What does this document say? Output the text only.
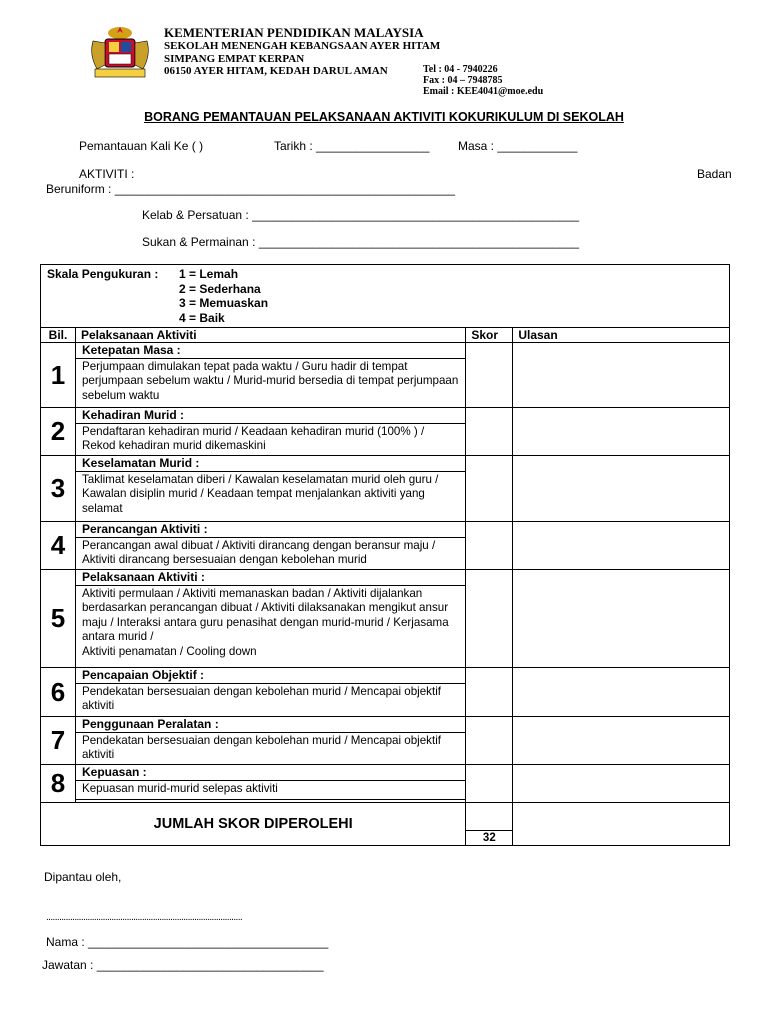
KEMENTERIAN PENDIDIKAN MALAYSIA
SEKOLAH MENENGAH KEBANGSAAN AYER HITAM
SIMPANG EMPAT KERPAN
06150 AYER HITAM, KEDAH DARUL AMAN	Tel : 04 - 7940226
Fax : 04 – 7948785
Email : KEE4041@moe.edu
BORANG PEMANTAUAN PELAKSANAAN AKTIVITI KOKURIKULUM DI SEKOLAH
Pemantauan Kali Ke ( )	Tarikh : _________________ Masa : ____________
AKTIVITI :	Badan
Beruniform : ___________________________________________________
Kelab & Persatuan : _________________________________________________
Sukan & Permainan : ________________________________________________
Skala Pengukuran : 1 = Lemah
2 = Sederhana
3 = Memuaskan
4 = Baik			

Bil.	Pelaksanaan Aktiviti	Skor	Ulasan
1	Ketepatan Masa :
Perjumpaan dimulakan tepat pada waktu / Guru hadir di tempat perjumpaan sebelum waktu / Murid-murid bersedia di tempat perjumpaan sebelum waktu		

2	Kehadiran Murid :
Pendaftaran kehadiran murid / Keadaan kehadiran murid (100% ) / Rekod kehadiran murid dikemaskini		

3	Keselamatan Murid :
Taklimat keselamatan diberi / Kawalan keselamatan murid oleh guru / Kawalan disiplin murid / Keadaan tempat menjalankan aktiviti yang selamat		

4	Perancangan Aktiviti :
Perancangan awal dibuat / Aktiviti dirancang dengan beransur maju / Aktiviti dirancang bersesuaian dengan kebolehan murid		

5	Pelaksanaan Aktiviti :
Aktiviti permulaan / Aktiviti memanaskan badan / Aktiviti dijalankan berdasarkan perancangan dibuat / Aktiviti dilaksanakan mengikut ansur maju / Interaksi antara guru penasihat dengan murid-murid / Kerjasama antara murid /
Aktiviti penamatan / Cooling down		

6	Pencapaian Objektif :
Pendekatan bersesuaian dengan kebolehan murid / Mencapai objektif aktiviti		

7	Penggunaan Peralatan :
Pendekatan bersesuaian dengan kebolehan murid / Mencapai objektif aktiviti		

8	Kepuasan :
Kepuasan murid-murid selepas aktiviti		

JUMLAH SKOR DIPEROLEHI		32	

Dipantau oleh,
..........................................................................................
Nama : ____________________________________
Jawatan : __________________________________
